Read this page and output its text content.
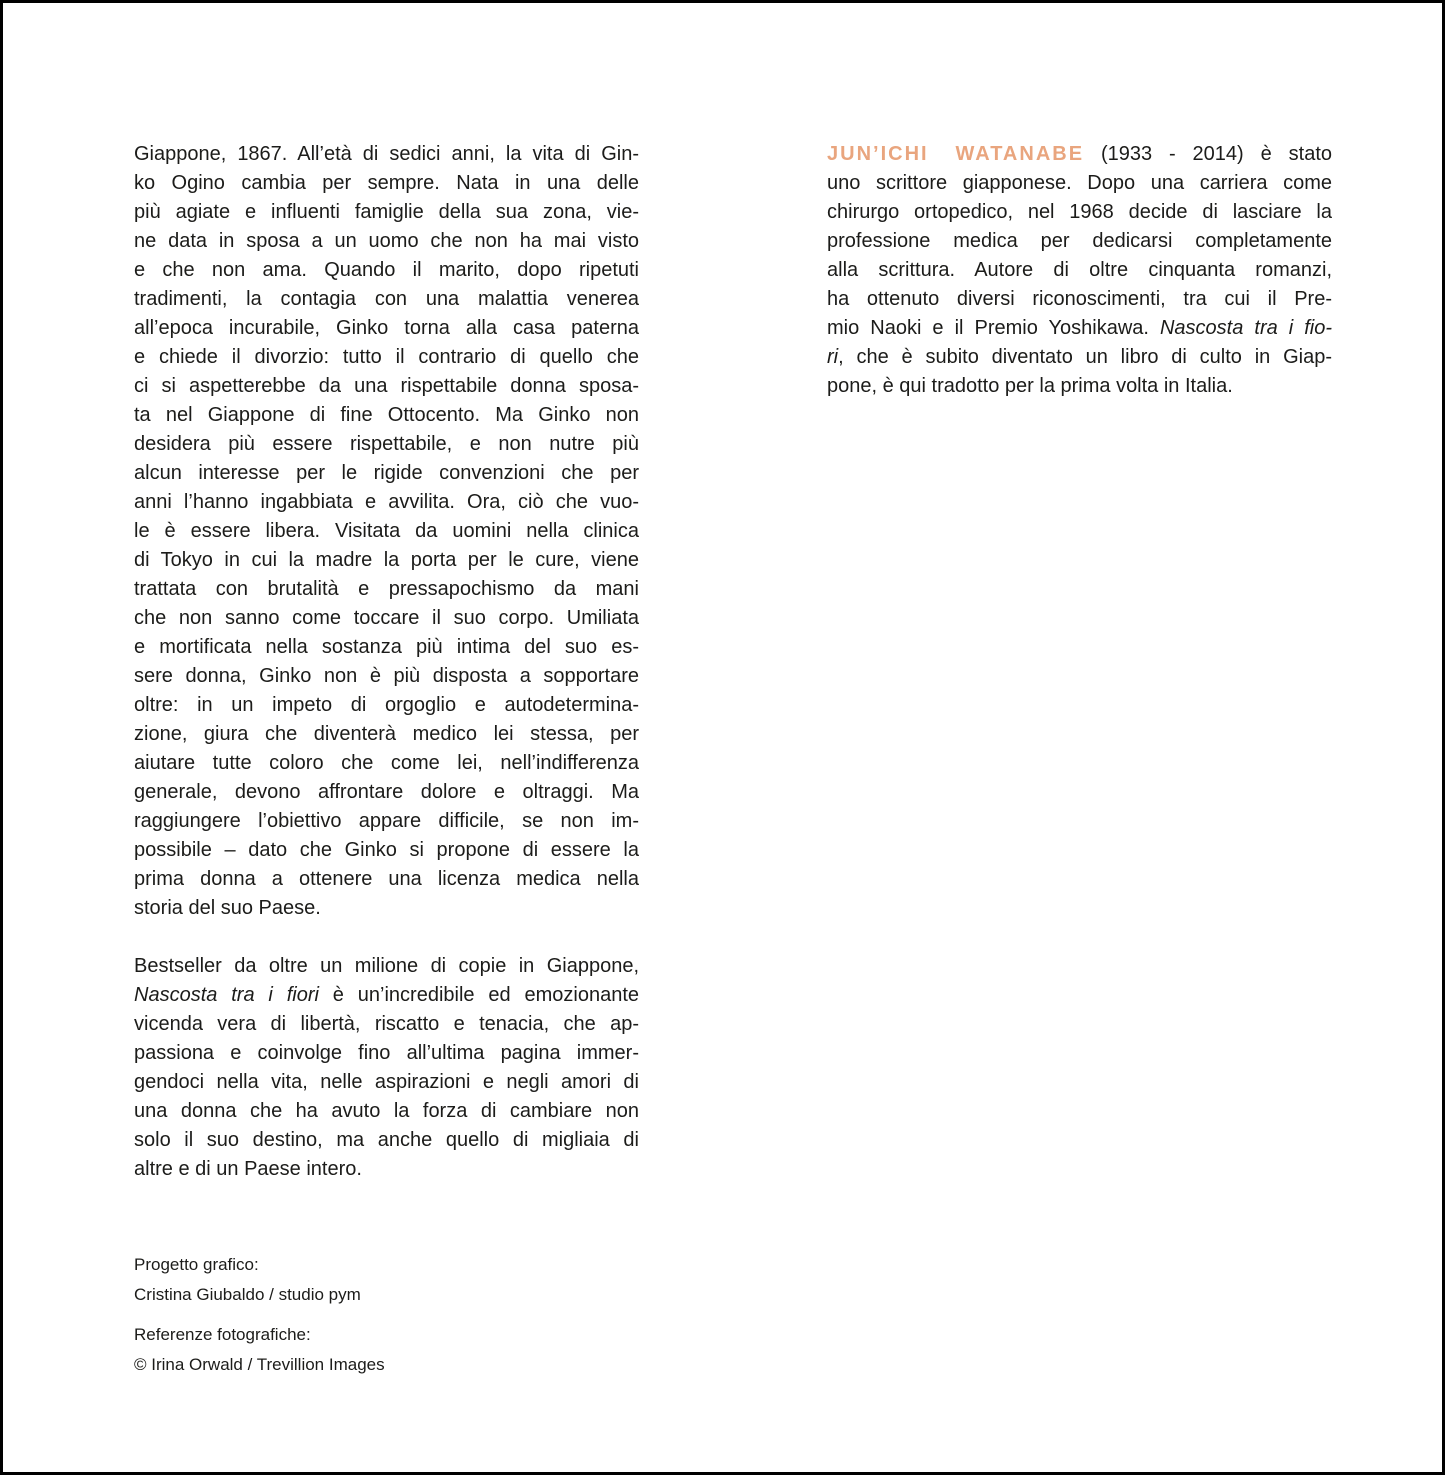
Giappone, 1867. All’età di sedici anni, la vita di Gin-
ko Ogino cambia per sempre. Nata in una delle
più agiate e influenti famiglie della sua zona, vie-
ne data in sposa a un uomo che non ha mai visto
e che non ama. Quando il marito, dopo ripetuti
tradimenti, la contagia con una malattia venerea
all’epoca incurabile, Ginko torna alla casa paterna
e chiede il divorzio: tutto il contrario di quello che
ci si aspetterebbe da una rispettabile donna sposa-
ta nel Giappone di fine Ottocento. Ma Ginko non
desidera più essere rispettabile, e non nutre più
alcun interesse per le rigide convenzioni che per
anni l’hanno ingabbiata e avvilita. Ora, ciò che vuo-
le è essere libera. Visitata da uomini nella clinica
di Tokyo in cui la madre la porta per le cure, viene
trattata con brutalità e pressapochismo da mani
che non sanno come toccare il suo corpo. Umiliata
e mortificata nella sostanza più intima del suo es-
sere donna, Ginko non è più disposta a sopportare
oltre: in un impeto di orgoglio e autodetermina-
zione, giura che diventerà medico lei stessa, per
aiutare tutte coloro che come lei, nell’indifferenza
generale, devono affrontare dolore e oltraggi. Ma
raggiungere l’obiettivo appare difficile, se non im-
possibile – dato che Ginko si propone di essere la
prima donna a ottenere una licenza medica nella
storia del suo Paese.
Bestseller da oltre un milione di copie in Giappone,
Nascosta tra i fiori è un’incredibile ed emozionante
vicenda vera di libertà, riscatto e tenacia, che ap-
passiona e coinvolge fino all’ultima pagina immer-
gendoci nella vita, nelle aspirazioni e negli amori di
una donna che ha avuto la forza di cambiare non
solo il suo destino, ma anche quello di migliaia di
altre e di un Paese intero.
Progetto grafico:
Cristina Giubaldo / studio pym
Referenze fotografiche:
© Irina Orwald / Trevillion Images
JUN’ICHI WATANABE (1933 - 2014) è stato
uno scrittore giapponese. Dopo una carriera come
chirurgo ortopedico, nel 1968 decide di lasciare la
professione medica per dedicarsi completamente
alla scrittura. Autore di oltre cinquanta romanzi,
ha ottenuto diversi riconoscimenti, tra cui il Pre-
mio Naoki e il Premio Yoshikawa. Nascosta tra i fio-
ri, che è subito diventato un libro di culto in Giap-
pone, è qui tradotto per la prima volta in Italia.
